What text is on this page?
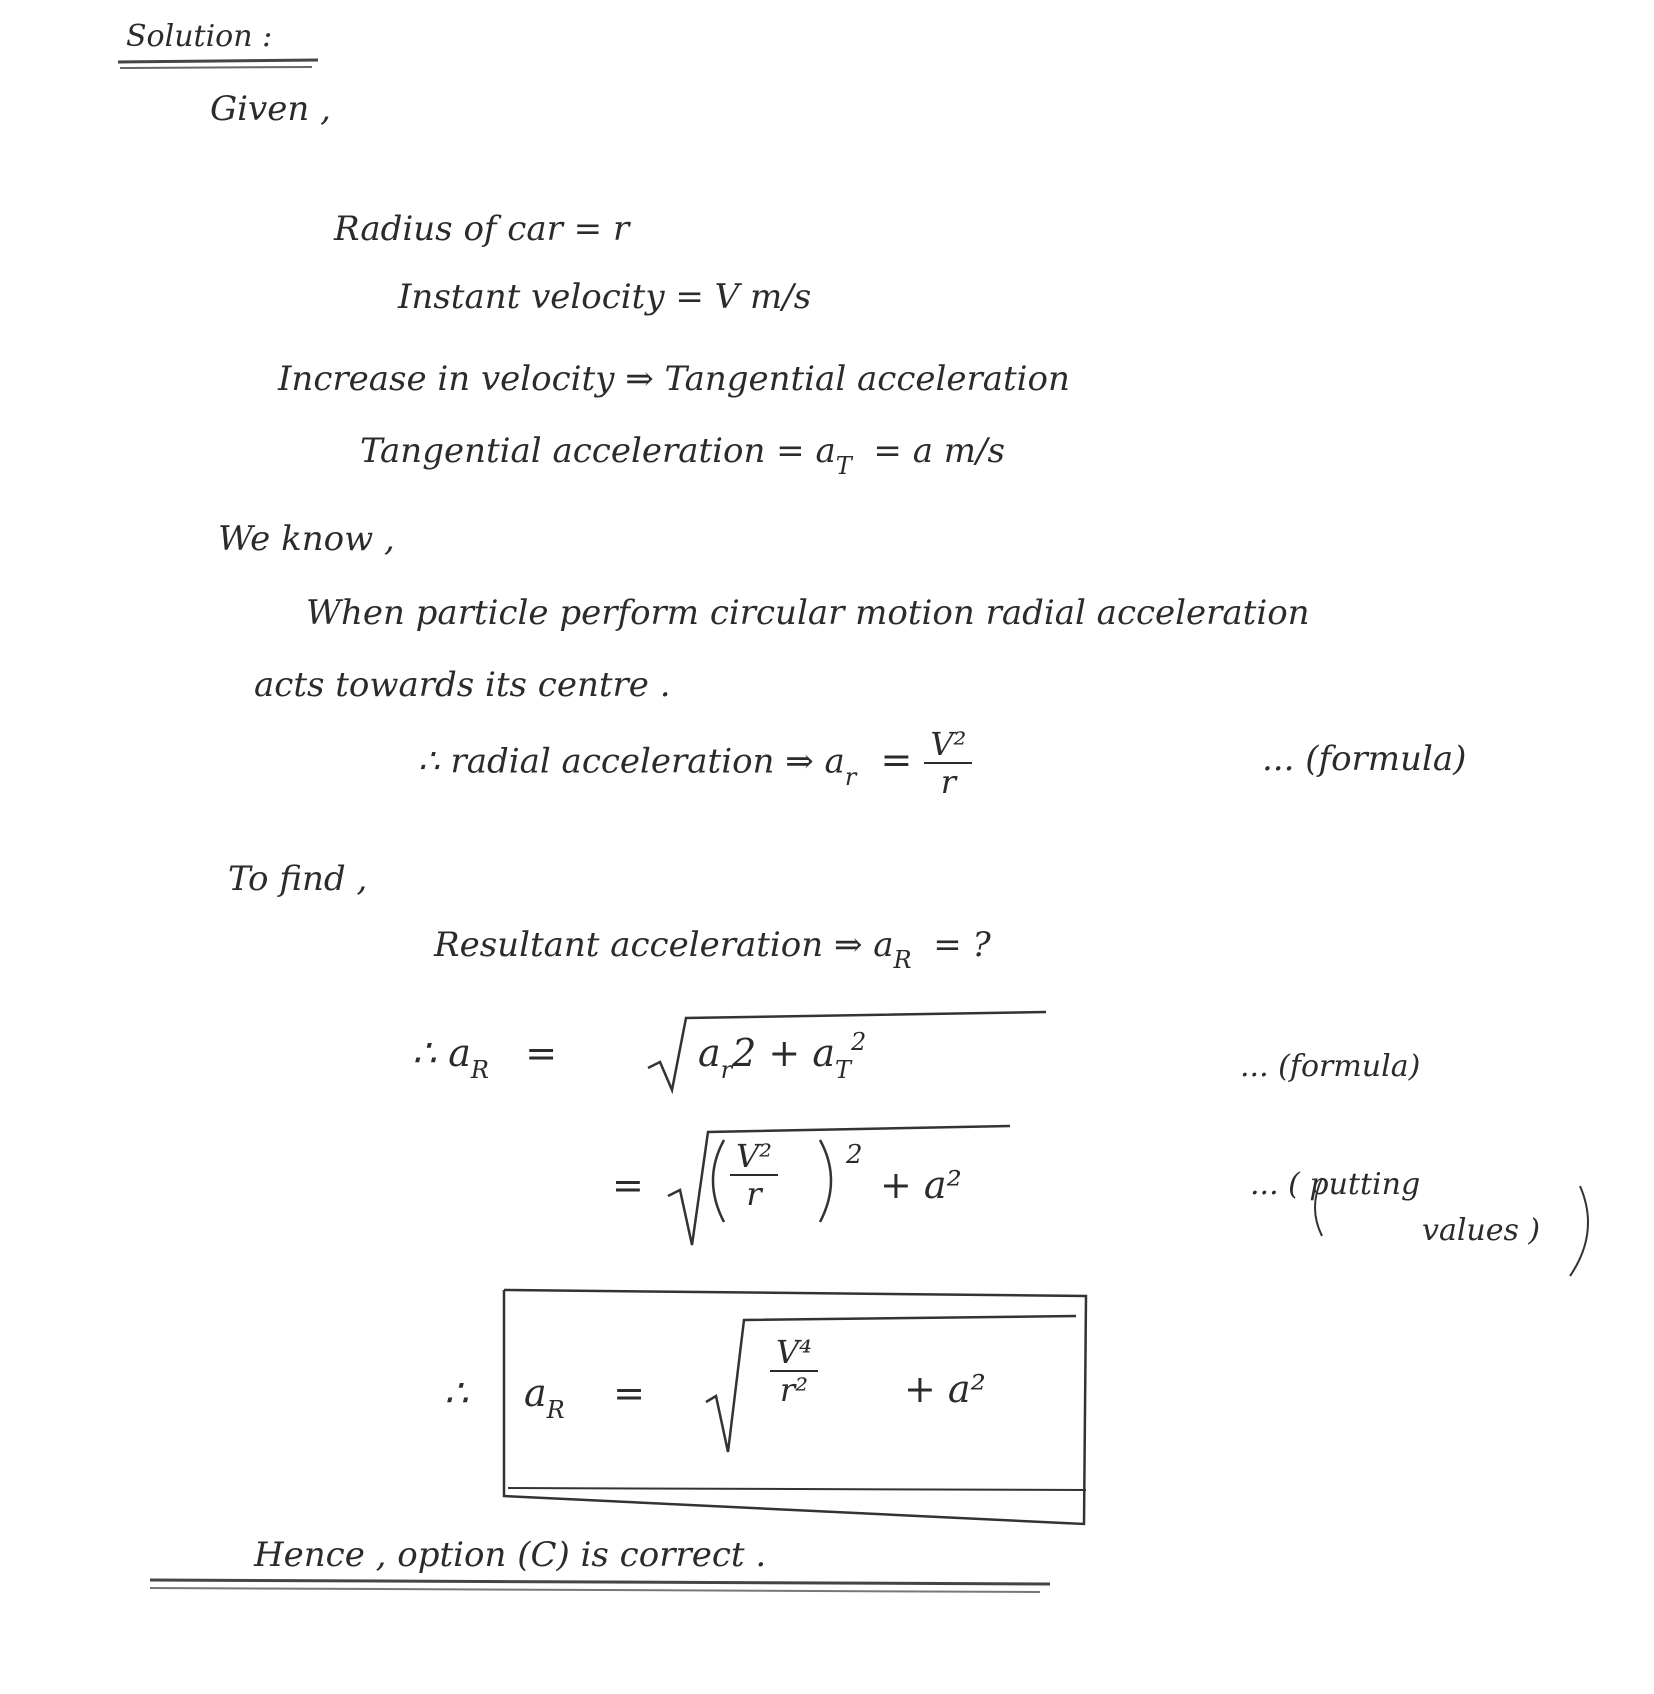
Solution :
Given ,
Radius of car = r
Instant velocity = V m/s
Increase in velocity ⇒ Tangential acceleration
Tangential acceleration = $a_T = a$ m/s
We know ,
When particle perform circular motion radial acceleration
acts towards its centre .
∴ radial acceleration ⇒ $a_r = \frac{\text{V²}}{r}$	... (formula)
To find ,
Resultant acceleration ⇒ $a_R$ = ?
∴ $a_R$ =	$a_r2 + a_T^2$
... (formula)
=	$\frac{\text{V²}}{r}$	2
+ a²	... ( putting
values )
∴ $a_R$ =	$\frac{\text{V⁴}}{\text{r²}} + a^2$
Hence , option (C) is correct .
